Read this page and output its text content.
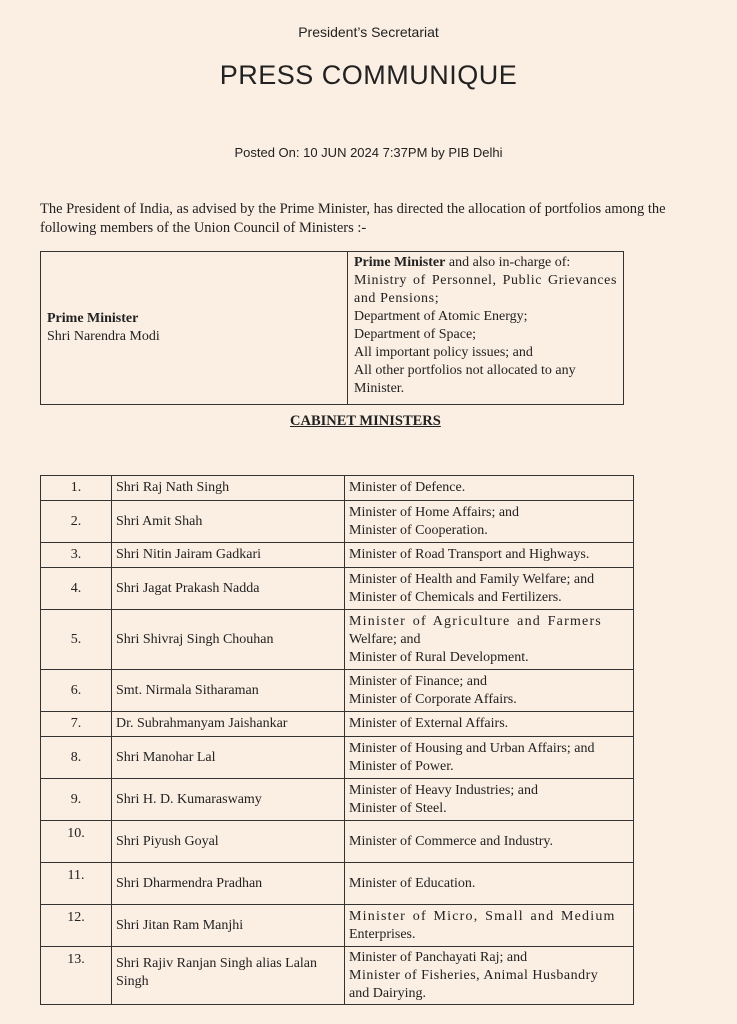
President’s Secretariat
PRESS COMMUNIQUE
Posted On: 10 JUN 2024 7:37PM by PIB Delhi
The President of India, as advised by the Prime Minister, has directed the allocation of portfolios among the following members of the Union Council of Ministers :-
Prime Minister
Shri Narendra Modi

Prime Minister and also in-charge of:
Ministry of Personnel, Public Grievances and Pensions;
Department of Atomic Energy;
Department of Space;
All important policy issues; and
All other portfolios not allocated to any Minister.
CABINET MINISTERS
1.	Shri Raj Nath Singh	Minister of Defence.

2.	Shri Amit Shah	Minister of Home Affairs; and
Minister of Cooperation.

3.	Shri Nitin Jairam Gadkari	Minister of Road Transport and Highways.

4.	Shri Jagat Prakash Nadda	Minister of Health and Family Welfare; and
Minister of Chemicals and Fertilizers.

5.	Shri Shivraj Singh Chouhan	Minister of Agriculture and Farmers
Welfare; and
Minister of Rural Development.

6.	Smt. Nirmala Sitharaman	Minister of Finance; and
Minister of Corporate Affairs.

7.	Dr. Subrahmanyam Jaishankar	Minister of External Affairs.

8.	Shri Manohar Lal	Minister of Housing and Urban Affairs; and
Minister of Power.

9.	Shri H. D. Kumaraswamy	Minister of Heavy Industries; and
Minister of Steel.

10.	Shri Piyush Goyal	Minister of Commerce and Industry.

11.	Shri Dharmendra Pradhan	Minister of Education.

12.	Shri Jitan Ram Manjhi	Minister of Micro, Small and Medium
Enterprises.

13.	Shri Rajiv Ranjan Singh alias Lalan Singh	Minister of Panchayati Raj; and
Minister of Fisheries, Animal Husbandry
and Dairying.
